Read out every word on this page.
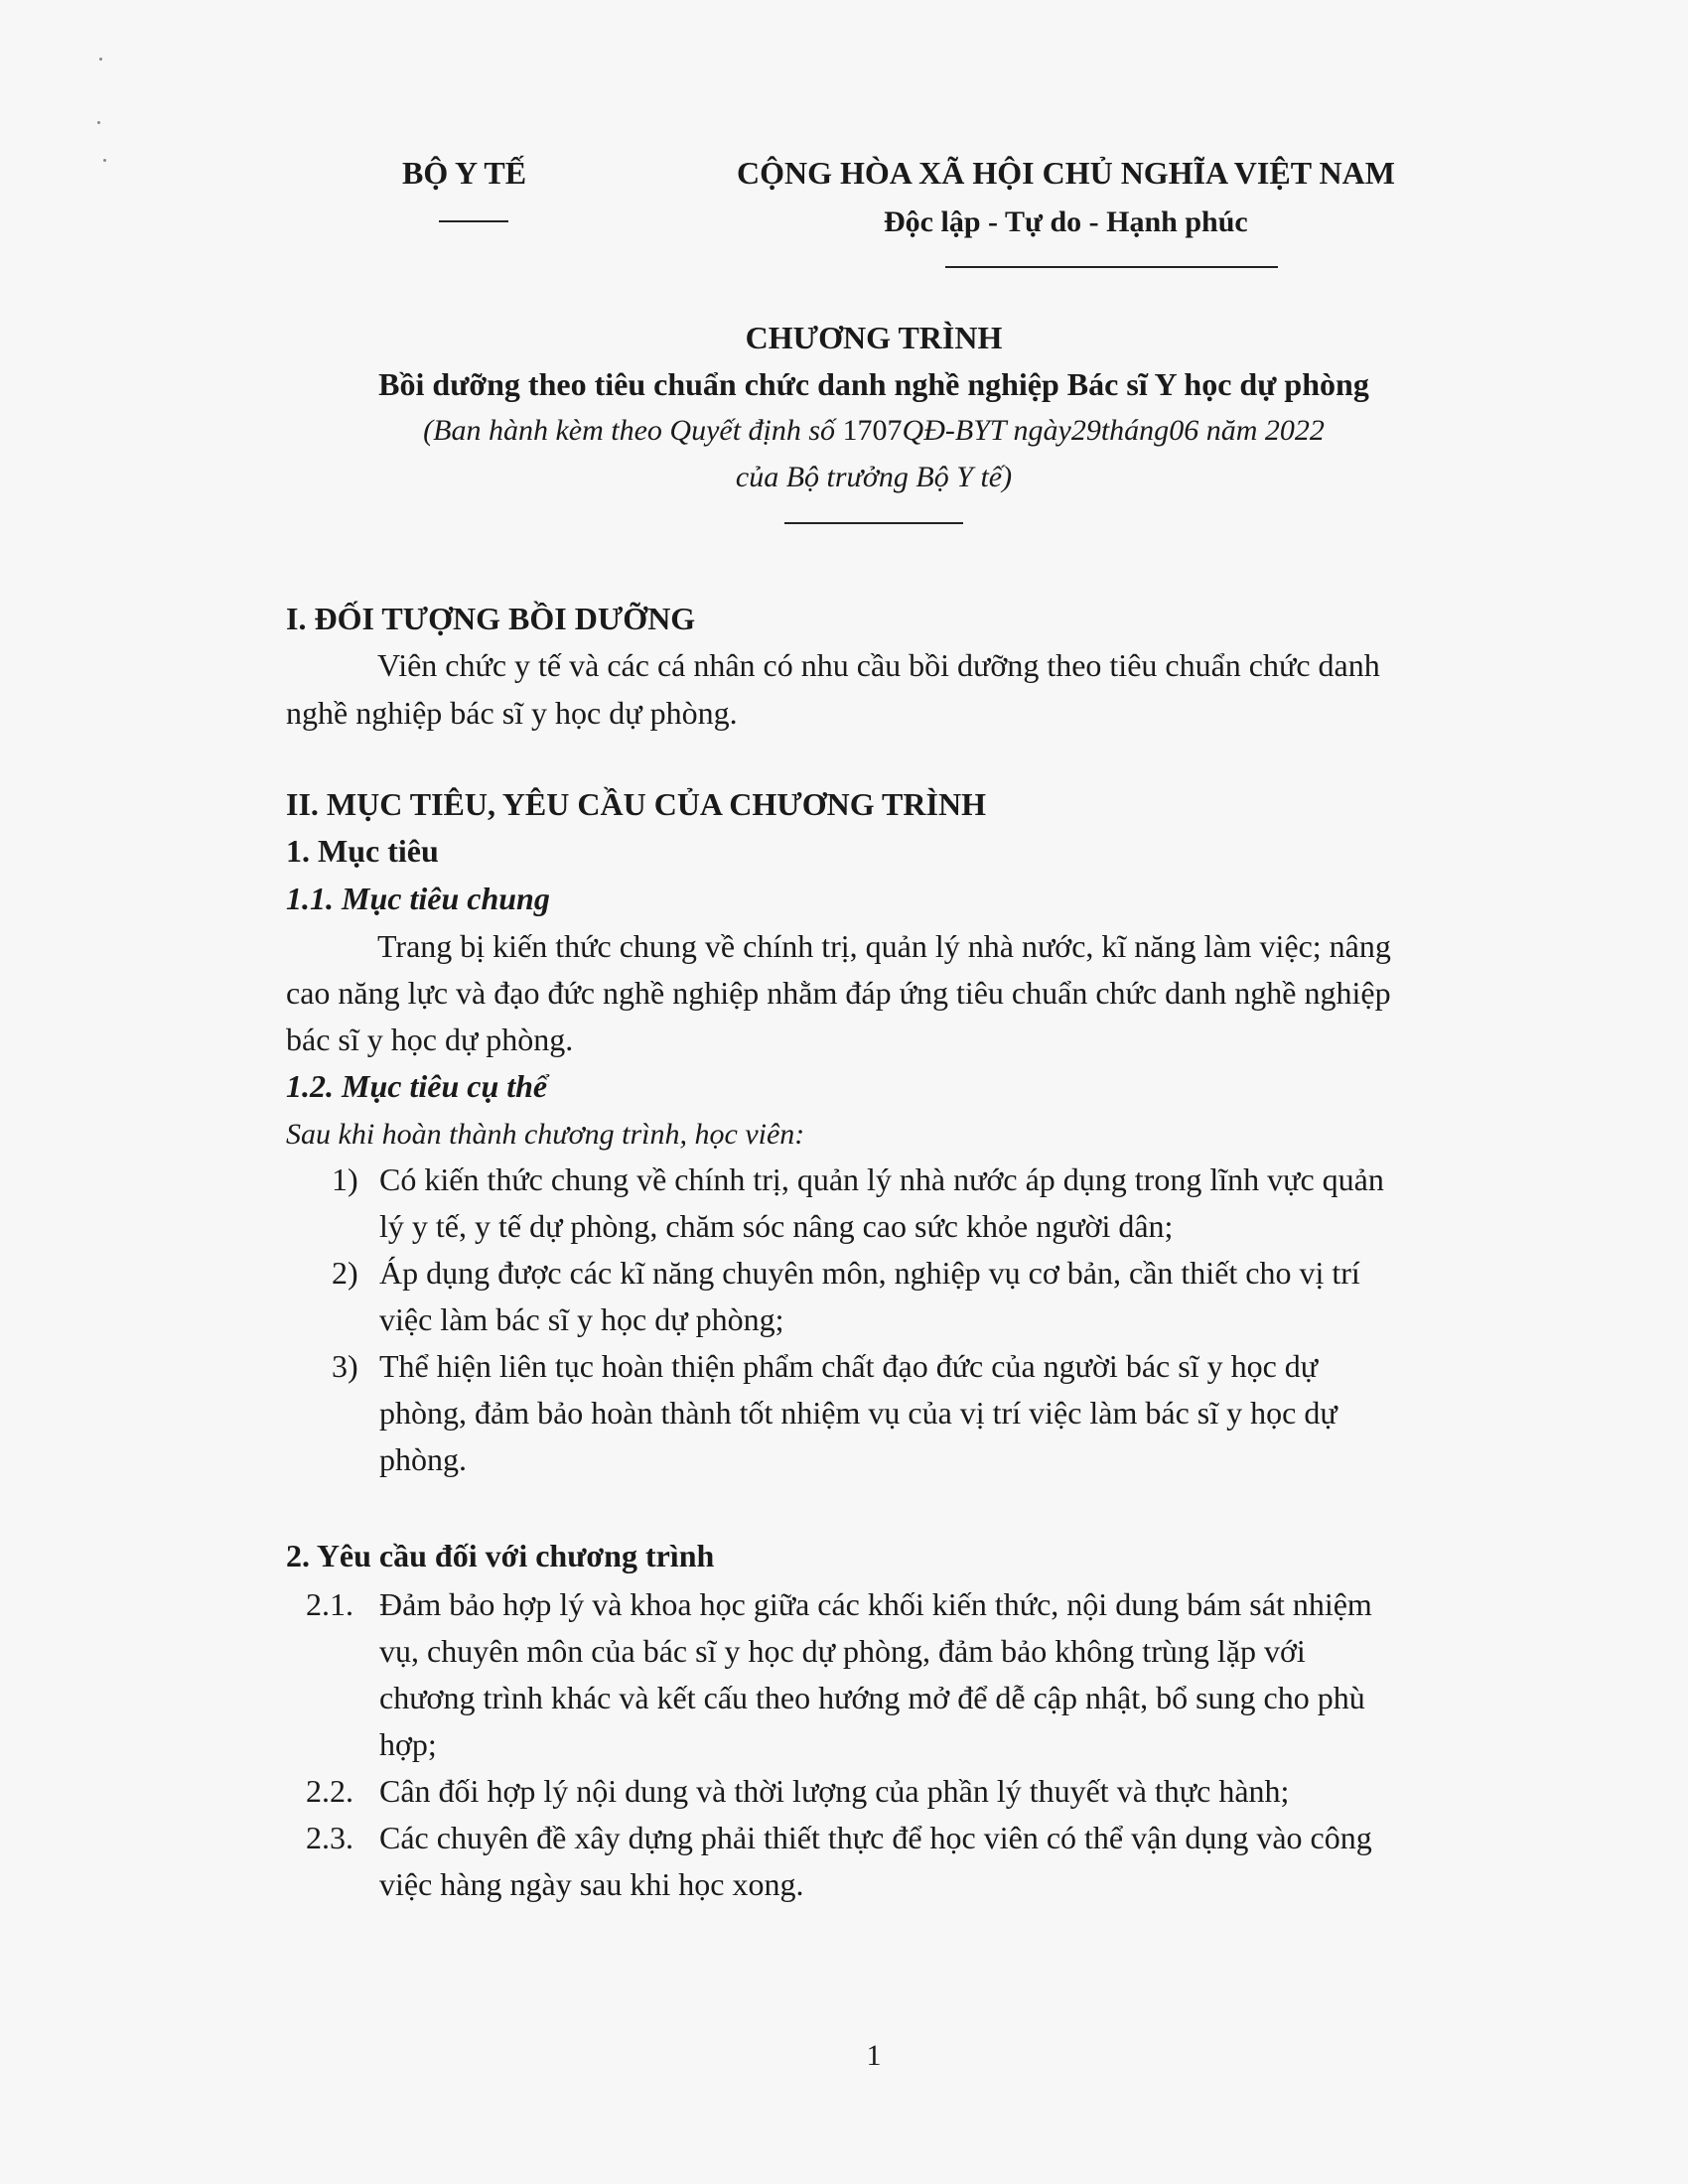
BỘ Y TẾ	CỘNG HÒA XÃ HỘI CHỦ NGHĨA VIỆT NAM
Độc lập - Tự do - Hạnh phúc
CHƯƠNG TRÌNH
Bồi dưỡng theo tiêu chuẩn chức danh nghề nghiệp Bác sĩ Y học dự phòng
(Ban hành kèm theo Quyết định số 1707QĐ-BYT ngày29tháng06 năm 2022
của Bộ trưởng Bộ Y tế)
I. ĐỐI TƯỢNG BỒI DƯỠNG
Viên chức y tế và các cá nhân có nhu cầu bồi dưỡng theo tiêu chuẩn chức danh
nghề nghiệp bác sĩ y học dự phòng.
II. MỤC TIÊU, YÊU CẦU CỦA CHƯƠNG TRÌNH
1. Mục tiêu
1.1. Mục tiêu chung
Trang bị kiến thức chung về chính trị, quản lý nhà nước, kĩ năng làm việc; nâng
cao năng lực và đạo đức nghề nghiệp nhằm đáp ứng tiêu chuẩn chức danh nghề nghiệp
bác sĩ y học dự phòng.
1.2. Mục tiêu cụ thể
Sau khi hoàn thành chương trình, học viên:
1) Có kiến thức chung về chính trị, quản lý nhà nước áp dụng trong lĩnh vực quản
lý y tế, y tế dự phòng, chăm sóc nâng cao sức khỏe người dân;
2) Áp dụng được các kĩ năng chuyên môn, nghiệp vụ cơ bản, cần thiết cho vị trí
việc làm bác sĩ y học dự phòng;
3) Thể hiện liên tục hoàn thiện phẩm chất đạo đức của người bác sĩ y học dự
phòng, đảm bảo hoàn thành tốt nhiệm vụ của vị trí việc làm bác sĩ y học dự
phòng.
2. Yêu cầu đối với chương trình
2.1. Đảm bảo hợp lý và khoa học giữa các khối kiến thức, nội dung bám sát nhiệm
vụ, chuyên môn của bác sĩ y học dự phòng, đảm bảo không trùng lặp với
chương trình khác và kết cấu theo hướng mở để dễ cập nhật, bổ sung cho phù
hợp;
2.2. Cân đối hợp lý nội dung và thời lượng của phần lý thuyết và thực hành;
2.3. Các chuyên đề xây dựng phải thiết thực để học viên có thể vận dụng vào công
việc hàng ngày sau khi học xong.
1
